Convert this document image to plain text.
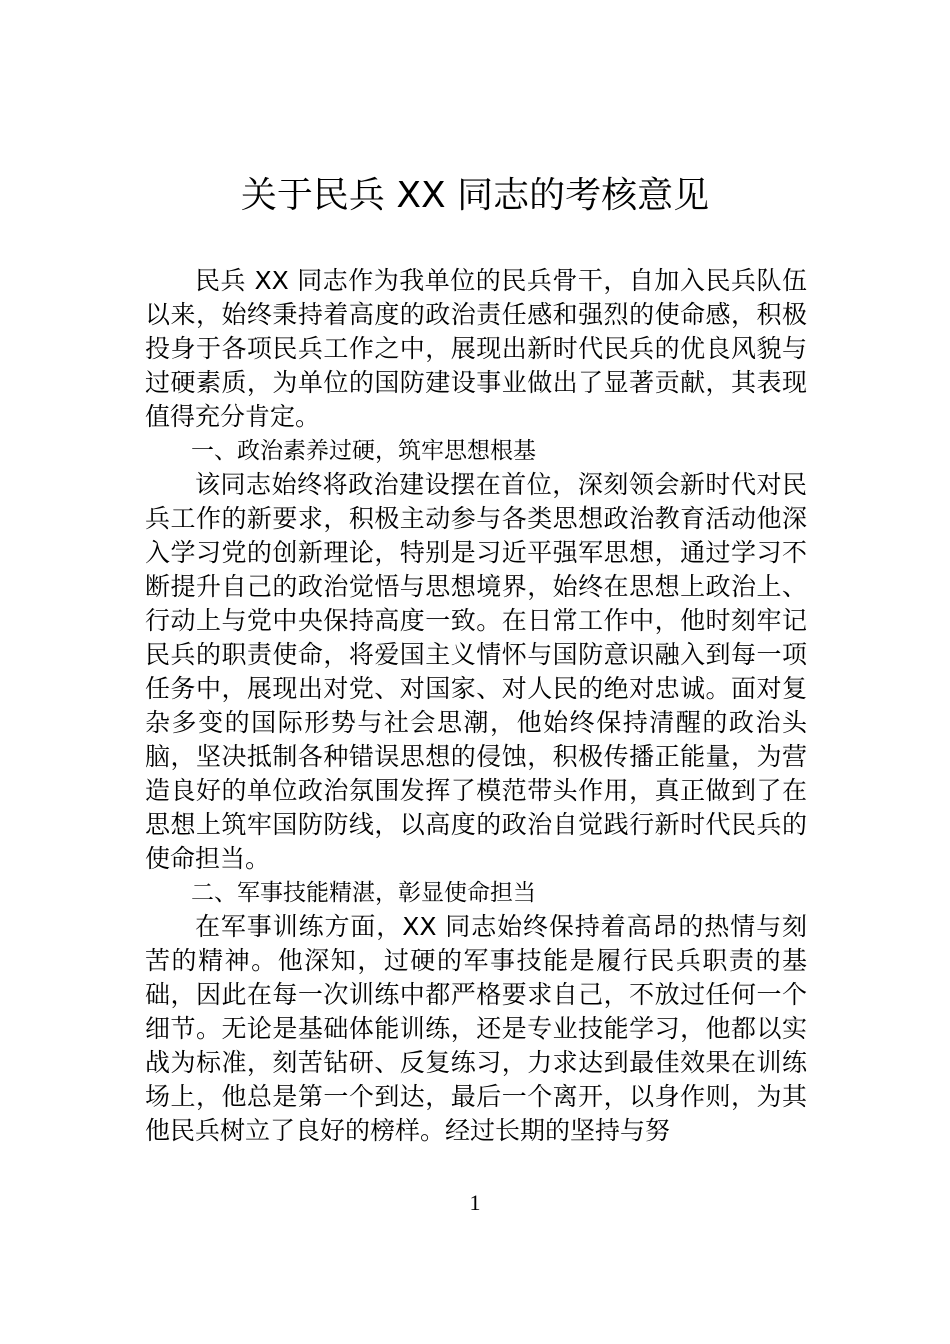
关于民兵 XX 同志的考核意见

民兵 XX 同志作为我单位的民兵骨干，自加入民兵队伍以来，始终秉持着高度的政治责任感和强烈的使命感，积极投身于各项民兵工作之中，展现出新时代民兵的优良风貌与过硬素质，为单位的国防建设事业做出了显著贡献，其表现值得充分肯定。

一、政治素养过硬，筑牢思想根基

该同志始终将政治建设摆在首位，深刻领会新时代对民兵工作的新要求，积极主动参与各类思想政治教育活动他深入学习党的创新理论，特别是习近平强军思想，通过学习不断提升自己的政治觉悟与思想境界，始终在思想上政治上、行动上与党中央保持高度一致。在日常工作中，他时刻牢记民兵的职责使命，将爱国主义情怀与国防意识融入到每一项任务中，展现出对党、对国家、对人民的绝对忠诚。面对复杂多变的国际形势与社会思潮，他始终保持清醒的政治头脑，坚决抵制各种错误思想的侵蚀，积极传播正能量，为营造良好的单位政治氛围发挥了模范带头作用，真正做到了在思想上筑牢国防防线，以高度的政治自觉践行新时代民兵的使命担当。

二、军事技能精湛，彰显使命担当

在军事训练方面，XX 同志始终保持着高昂的热情与刻苦的精神。他深知，过硬的军事技能是履行民兵职责的基础，因此在每一次训练中都严格要求自己，不放过任何一个细节。无论是基础体能训练，还是专业技能学习，他都以实战为标准，刻苦钻研、反复练习，力求达到最佳效果在训练场上，他总是第一个到达，最后一个离开，以身作则，为其他民兵树立了良好的榜样。经过长期的坚持与努

1
